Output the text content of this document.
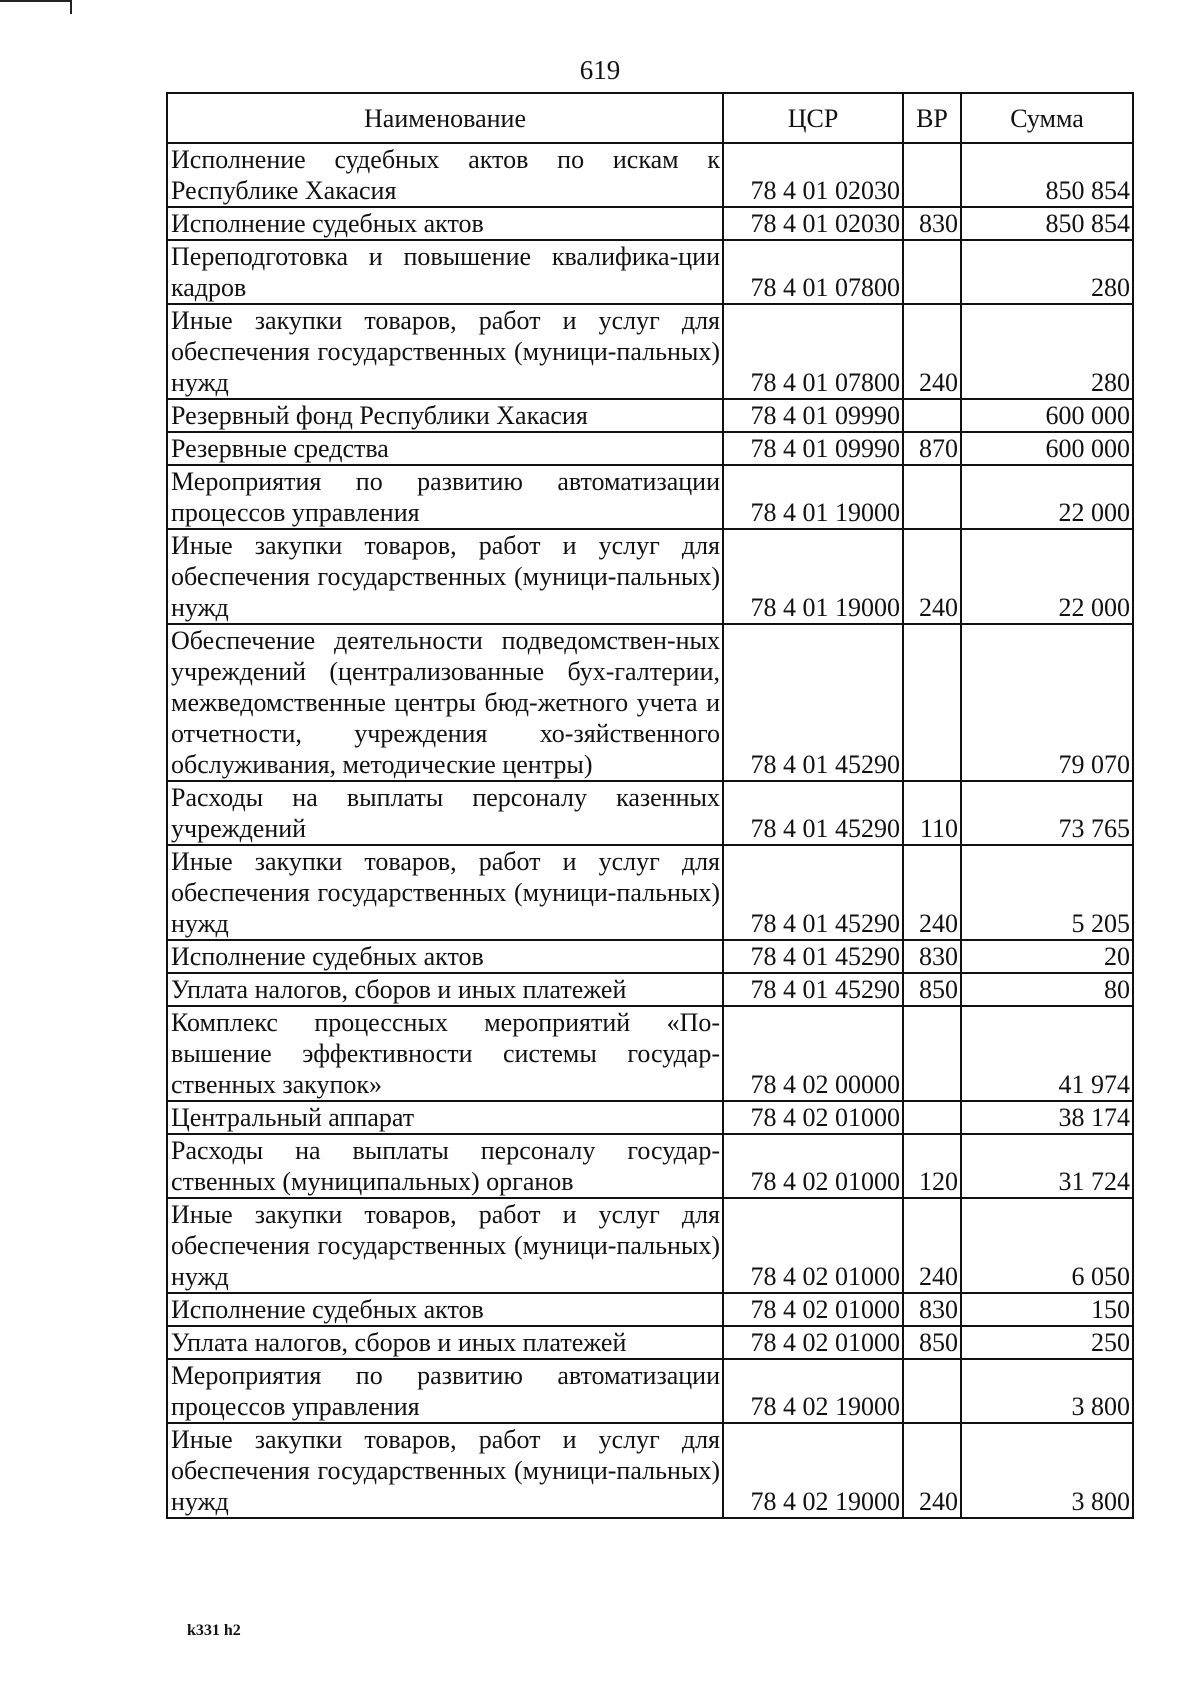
619
Наименование	ЦСР	ВР	Сумма
Исполнение судебных актов по искам к Республике Хакасия	78 4 01 02030		850 854
Исполнение судебных актов	78 4 01 02030	830	850 854
Переподготовка и повышение квалифика-ции кадров	78 4 01 07800		280
Иные закупки товаров, работ и услуг для обеспечения государственных (муници-пальных) нужд	78 4 01 07800	240	280
Резервный фонд Республики Хакасия	78 4 01 09990		600 000
Резервные средства	78 4 01 09990	870	600 000
Мероприятия по развитию автоматизации процессов управления	78 4 01 19000		22 000
Иные закупки товаров, работ и услуг для обеспечения государственных (муници-пальных) нужд	78 4 01 19000	240	22 000
Обеспечение деятельности подведомствен-ных учреждений (централизованные бух-галтерии, межведомственные центры бюд-жетного учета и отчетности, учреждения хо-зяйственного обслуживания, методические центры)	78 4 01 45290		79 070
Расходы на выплаты персоналу казенных учреждений	78 4 01 45290	110	73 765
Иные закупки товаров, работ и услуг для обеспечения государственных (муници-пальных) нужд	78 4 01 45290	240	5 205
Исполнение судебных актов	78 4 01 45290	830	20
Уплата налогов, сборов и иных платежей	78 4 01 45290	850	80
Комплекс процессных мероприятий «По-вышение эффективности системы государ-ственных закупок»	78 4 02 00000		41 974
Центральный аппарат	78 4 02 01000		38 174
Расходы на выплаты персоналу государ-ственных (муниципальных) органов	78 4 02 01000	120	31 724
Иные закупки товаров, работ и услуг для обеспечения государственных (муници-пальных) нужд	78 4 02 01000	240	6 050
Исполнение судебных актов	78 4 02 01000	830	150
Уплата налогов, сборов и иных платежей	78 4 02 01000	850	250
Мероприятия по развитию автоматизации процессов управления	78 4 02 19000		3 800
Иные закупки товаров, работ и услуг для обеспечения государственных (муници-пальных) нужд	78 4 02 19000	240	3 800
k331 h2
